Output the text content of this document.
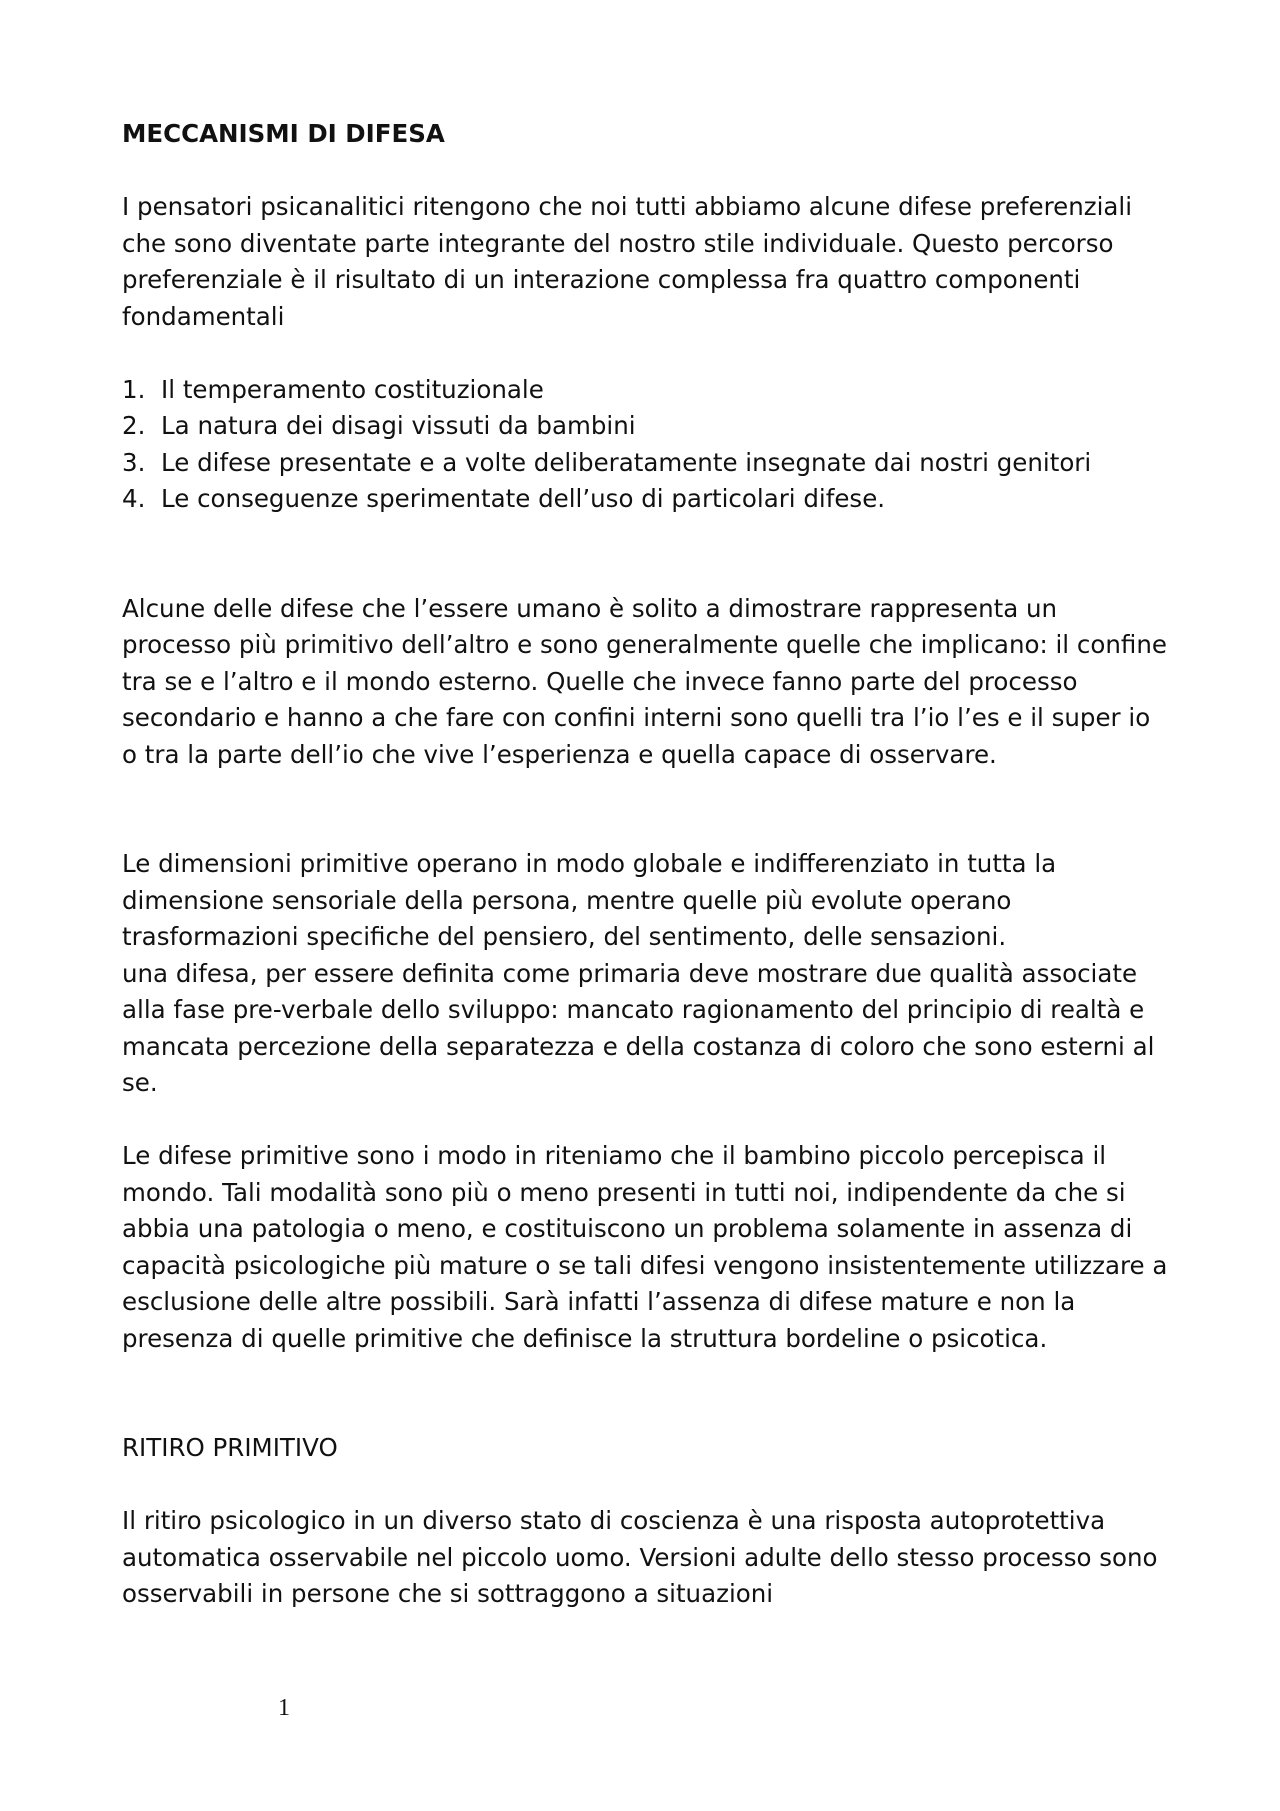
MECCANISMI DI DIFESA

I pensatori psicanalitici ritengono che noi tutti abbiamo alcune difese preferenziali che sono diventate parte integrante del nostro stile individuale. Questo percorso preferenziale è il risultato di un interazione complessa fra quattro componenti fondamentali

1. Il temperamento costituzionale
2. La natura dei disagi vissuti da bambini
3. Le difese presentate e a volte deliberatamente insegnate dai nostri genitori
4. Le conseguenze sperimentate dell’uso di particolari difese.

Alcune delle difese che l’essere umano è solito a dimostrare rappresenta un processo più primitivo dell’altro e sono generalmente quelle che implicano: il confine tra se e l’altro e il mondo esterno. Quelle che invece fanno parte del processo secondario e hanno a che fare con confini interni sono quelli tra l’io l’es e il super io o tra la parte dell’io che vive l’esperienza e quella capace di osservare.

Le dimensioni primitive operano in modo globale e indifferenziato in tutta la dimensione sensoriale della persona, mentre quelle più evolute operano trasformazioni specifiche del pensiero, del sentimento, delle sensazioni.

una difesa, per essere definita come primaria deve mostrare due qualità associate alla fase pre-verbale dello sviluppo: mancato ragionamento del principio di realtà e mancata percezione della separatezza e della costanza di coloro che sono esterni al se.

Le difese primitive sono i modo in riteniamo che il bambino piccolo percepisca il mondo. Tali modalità sono più o meno presenti in tutti noi, indipendente da che si abbia una patologia o meno, e costituiscono un problema solamente in assenza di capacità psicologiche più mature o se tali difesi vengono insistentemente utilizzare a esclusione delle altre possibili. Sarà infatti l’assenza di difese mature e non la presenza di quelle primitive che definisce la struttura bordeline o psicotica.

RITIRO PRIMITIVO

Il ritiro psicologico in un diverso stato di coscienza è una risposta autoprotettiva automatica osservabile nel piccolo uomo. Versioni adulte dello stesso processo sono osservabili in persone che si sottraggono a situazioni

1
